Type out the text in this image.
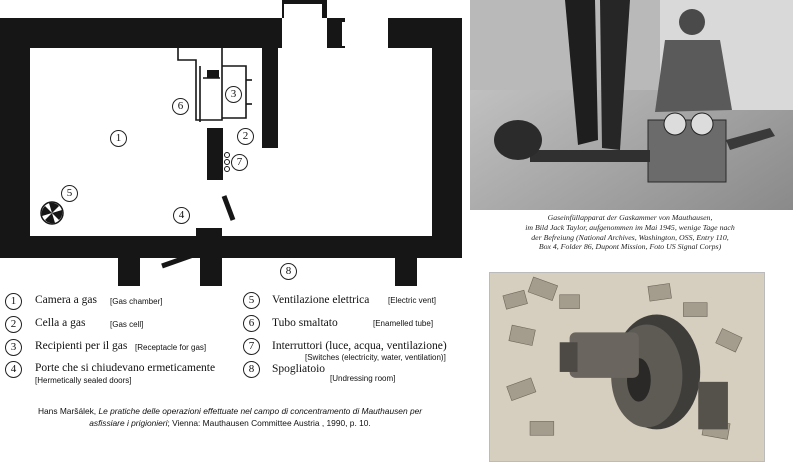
1	2
3
4
5
6
7
8
1	Camera a gas [Gas chamber]
2	Cella a gas	[Gas cell]
3	Recipienti per il gas [Receptacle for gas]
4	Porte che si chiudevano ermeticamente
[Hermetically sealed doors]
5	Ventilazione elettrica [Electric vent]
6	Tubo smaltato	[Enamelled tube]
7	Interruttori (luce, acqua, ventilazione)
[Switches (electricity, water, ventilation)]
8	Spogliatoio
[Undressing room]
Hans Maršálek, Le pratiche delle operazioni effettuate nel campo di concentramento di Mauthausen per asfissiare i prigionieri; Vienna: Mauthausen Committee Austria , 1990, p. 10.
Gaseinfüllapparat der Gaskammer von Mauthausen,
im Bild Jack Taylor, aufgenommen im Mai 1945, wenige Tage nach
der Befreiung (National Archives, Washington, OSS, Entry 110,
Box 4, Folder 86, Dupont Mission, Foto US Signal Corps)
